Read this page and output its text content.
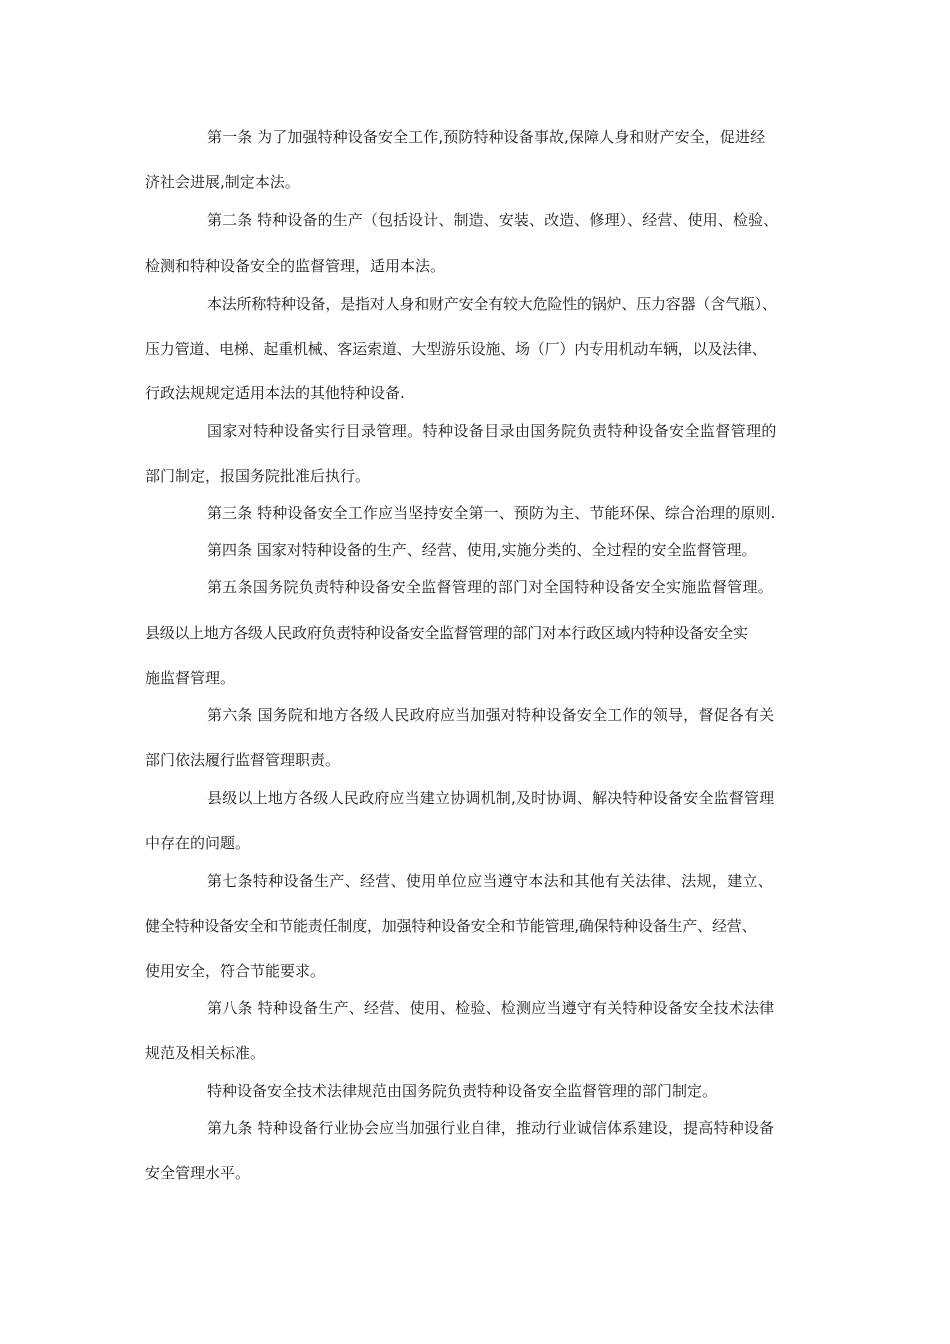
第一条 为了加强特种设备安全工作,预防特种设备事故,保障人身和财产安全，促进经
济社会进展,制定本法。
第二条 特种设备的生产（包括设计、制造、安装、改造、修理）、经营、使用、检验、
检测和特种设备安全的监督管理，适用本法。
本法所称特种设备，是指对人身和财产安全有较大危险性的锅炉、压力容器（含气瓶）、
压力管道、电梯、起重机械、客运索道、大型游乐设施、场（厂）内专用机动车辆，以及法律、
行政法规规定适用本法的其他特种设备.
国家对特种设备实行目录管理。特种设备目录由国务院负责特种设备安全监督管理的
部门制定，报国务院批准后执行。
第三条 特种设备安全工作应当坚持安全第一、预防为主、节能环保、综合治理的原则.
第四条 国家对特种设备的生产、经营、使用,实施分类的、全过程的安全监督管理。
第五条国务院负责特种设备安全监督管理的部门对全国特种设备安全实施监督管理。
县级以上地方各级人民政府负责特种设备安全监督管理的部门对本行政区域内特种设备安全实
施监督管理。
第六条 国务院和地方各级人民政府应当加强对特种设备安全工作的领导，督促各有关
部门依法履行监督管理职责。
县级以上地方各级人民政府应当建立协调机制,及时协调、解决特种设备安全监督管理
中存在的问题。
第七条特种设备生产、经营、使用单位应当遵守本法和其他有关法律、法规，建立、
健全特种设备安全和节能责任制度，加强特种设备安全和节能管理,确保特种设备生产、经营、
使用安全，符合节能要求。
第八条 特种设备生产、经营、使用、检验、检测应当遵守有关特种设备安全技术法律
规范及相关标准。
特种设备安全技术法律规范由国务院负责特种设备安全监督管理的部门制定。
第九条 特种设备行业协会应当加强行业自律，推动行业诚信体系建设，提高特种设备
安全管理水平。
